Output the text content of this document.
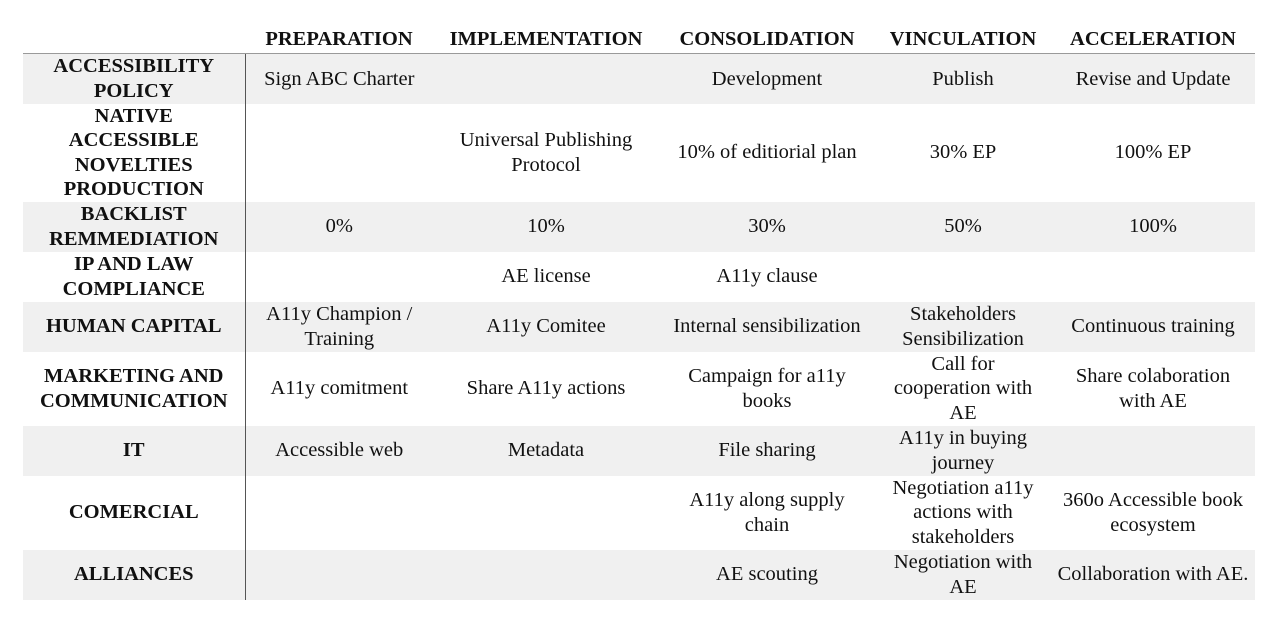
	PREPARATION	IMPLEMENTATION	CONSOLIDATION	VINCULATION	ACCELERATION
ACCESSIBILITY POLICY	Sign ABC Charter		Development	Publish	Revise and Update
NATIVE ACCESSIBLE NOVELTIES PRODUCTION		Universal Publishing Protocol	10% of editiorial plan	30% EP	100% EP
BACKLIST REMMEDIATION	0%	10%	30%	50%	100%
IP AND LAW COMPLIANCE		AE license	A11y clause		
HUMAN CAPITAL	A11y Champion / Training	A11y Comitee	Internal sensibilization	Stakeholders Sensibilization	Continuous training
MARKETING AND COMMUNICATION	A11y comitment	Share A11y actions	Campaign for a11y books	Call for cooperation with AE	Share colaboration with AE
IT	Accessible web	Metadata	File sharing	A11y in buying journey	
COMERCIAL			A11y along supply chain	Negotiation a11y actions with stakeholders	360o Accessible book ecosystem
ALLIANCES			AE scouting	Negotiation with AE	Collaboration with AE.
